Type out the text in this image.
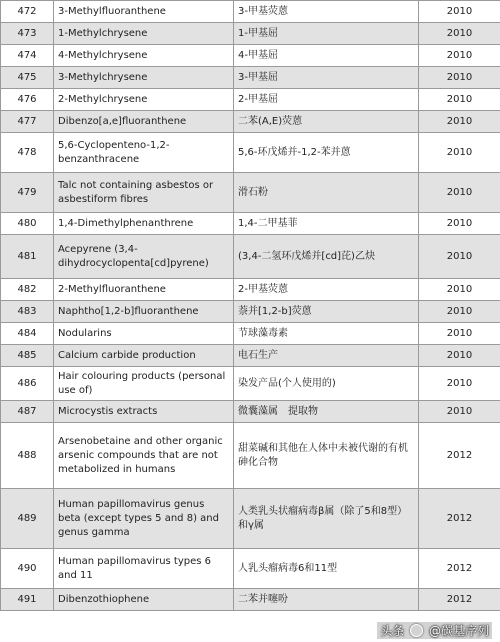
472	3-Methylfluoranthene	3-甲基荧蒽	2010
473	1-Methylchrysene	1-甲基屈	2010
474	4-Methylchrysene	4-甲基屈	2010
475	3-Methylchrysene	3-甲基屈	2010
476	2-Methylchrysene	2-甲基屈	2010
477	Dibenzo[a,e]fluoranthene	二苯(A,E)荧蒽	2010
478	5,6-Cyclopenteno-1,2-benzanthracene	5,6-环戊烯并-1,2-苯并蒽	2010
479	Talc not containing asbestos or asbestiform fibres	滑石粉	2010
480	1,4-Dimethylphenanthrene	1,4-二甲基菲	2010
481	Acepyrene (3,4-dihydrocyclopenta[cd]pyrene)	(3,4-二氢环戊烯并[cd]芘)乙炔	2010
482	2-Methylfluoranthene	2-甲基荧蒽	2010
483	Naphtho[1,2-b]fluoranthene	萘并[1,2-b]荧蒽	2010
484	Nodularins	节球藻毒素	2010
485	Calcium carbide production	电石生产	2010
486	Hair colouring products (personal use of)	染发产品(个人使用的)	2010
487	Microcystis extracts	微囊藻属　提取物	2010
488	Arsenobetaine and other organic arsenic compounds that are not metabolized in humans	甜菜碱和其他在人体中未被代谢的有机砷化合物	2012
489	Human papillomavirus genus beta (except types 5 and 8) and genus gamma	人类乳头状瘤病毒β属（除了5和8型）和γ属	2012
490	Human papillomavirus types 6 and 11	人乳头瘤病毒6和11型	2012
491	Dibenzothiophene	二苯并噻吩	2012
头条 @碳基序列
